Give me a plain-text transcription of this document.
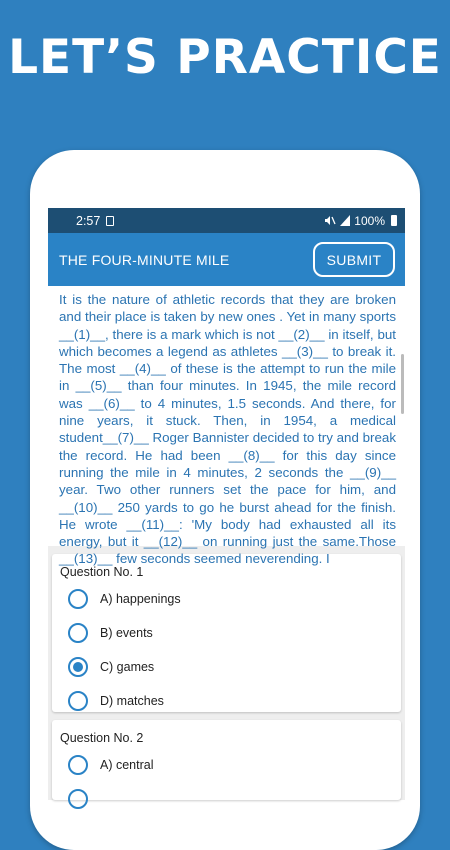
LET’S PRACTICE
2:57	100%
THE FOUR-MINUTE MILE	SUBMIT

It is the nature of athletic records that they are broken and their place is taken by new ones . Yet in many sports __(1)__, there is a mark which is not __(2)__ in itself, but which becomes a legend as athletes __(3)__ to break it. The most __(4)__ of these is the attempt to run the mile in __(5)__ than four minutes. In 1945, the mile record was __(6)__ to 4 minutes, 1.5 seconds. And there, for nine years, it stuck. Then, in 1954, a medical student__(7)__ Roger Bannister decided to try and break the record. He had been __(8)__ for this day since running the mile in 4 minutes, 2 seconds the __(9)__ year. Two other runners set the pace for him, and __(10)__ 250 yards to go he burst ahead for the finish. He wrote __(11)__: 'My body had exhausted all its energy, but it __(12)__ on running just the same.Those __(13)__ few seconds seemed neverending. I

Question No. 1
A) happenings
B) events
C) games
D) matches
Question No. 2
A) central
